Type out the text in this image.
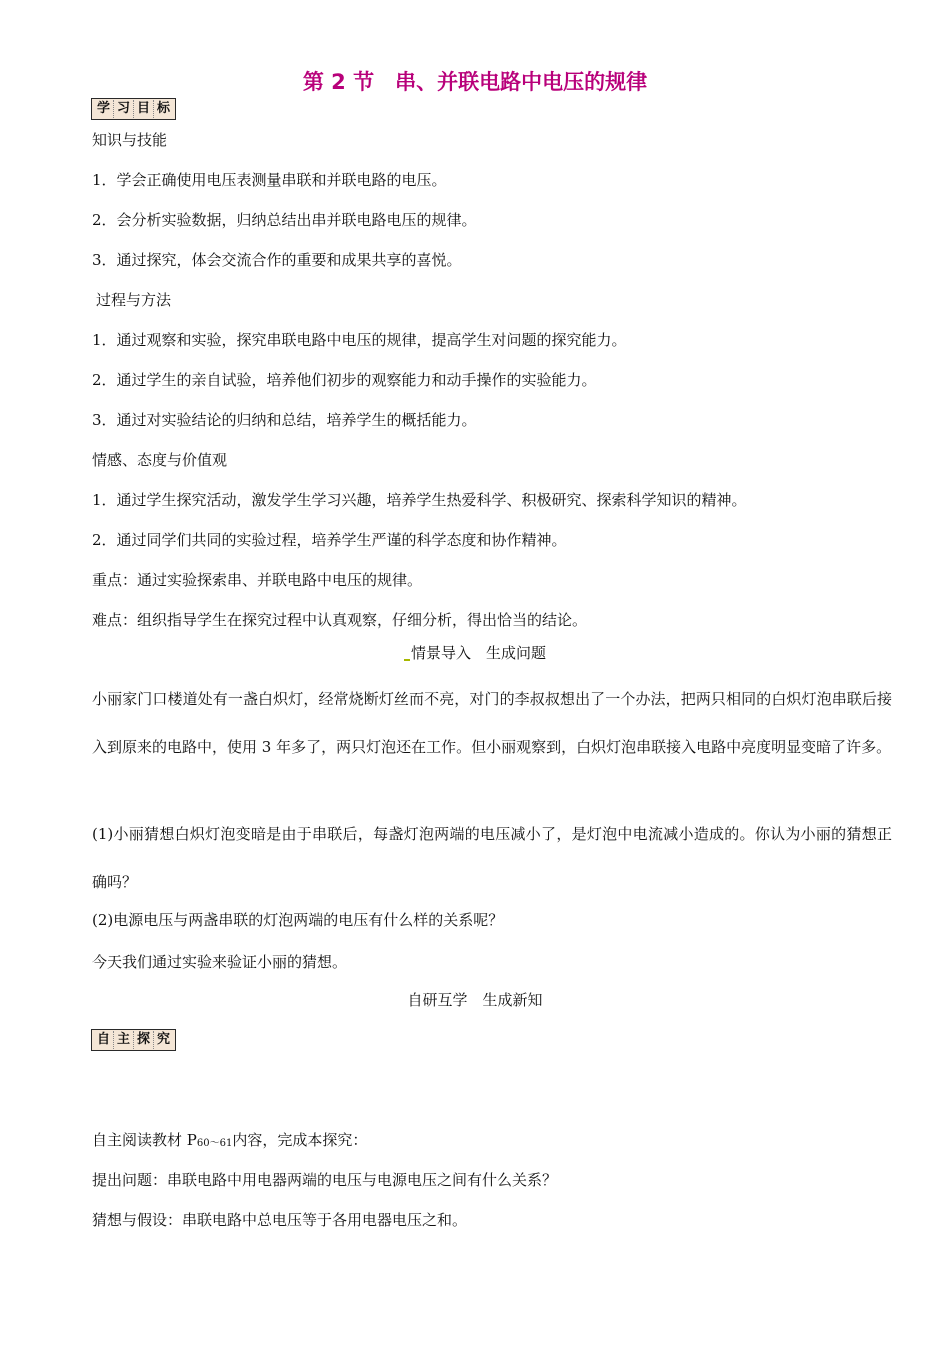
第 2 节　串、并联电路中电压的规律
学 习 目 标
知识与技能
1．学会正确使用电压表测量串联和并联电路的电压。
2．会分析实验数据，归纳总结出串并联电路电压的规律。
3．通过探究，体会交流合作的重要和成果共享的喜悦。
过程与方法
1．通过观察和实验，探究串联电路中电压的规律，提高学生对问题的探究能力。
2．通过学生的亲自试验，培养他们初步的观察能力和动手操作的实验能力。
3．通过对实验结论的归纳和总结，培养学生的概括能力。
情感、态度与价值观
1．通过学生探究活动，激发学生学习兴趣，培养学生热爱科学、积极研究、探索科学知识的精神。
2．通过同学们共同的实验过程，培养学生严谨的科学态度和协作精神。
重点：通过实验探索串、并联电路中电压的规律。
难点：组织指导学生在探究过程中认真观察，仔细分析，得出恰当的结论。
情景导入　生成问题
小丽家门口楼道处有一盏白炽灯，经常烧断灯丝而不亮，对门的李叔叔想出了一个办法，把两只相同的白炽灯泡串联后接入到原来的电路中，使用 3 年多了，两只灯泡还在工作。但小丽观察到，白炽灯泡串联接入电路中亮度明显变暗了许多。
(1)小丽猜想白炽灯泡变暗是由于串联后，每盏灯泡两端的电压减小了，是灯泡中电流减小造成的。你认为小丽的猜想正确吗？
(2)电源电压与两盏串联的灯泡两端的电压有什么样的关系呢？
今天我们通过实验来验证小丽的猜想。
自研互学　生成新知
自 主 探 究
自主阅读教材 $P_{60\sim 61}$内容，完成本探究：
提出问题：串联电路中用电器两端的电压与电源电压之间有什么关系？
猜想与假设：串联电路中总电压等于各用电器电压之和。
